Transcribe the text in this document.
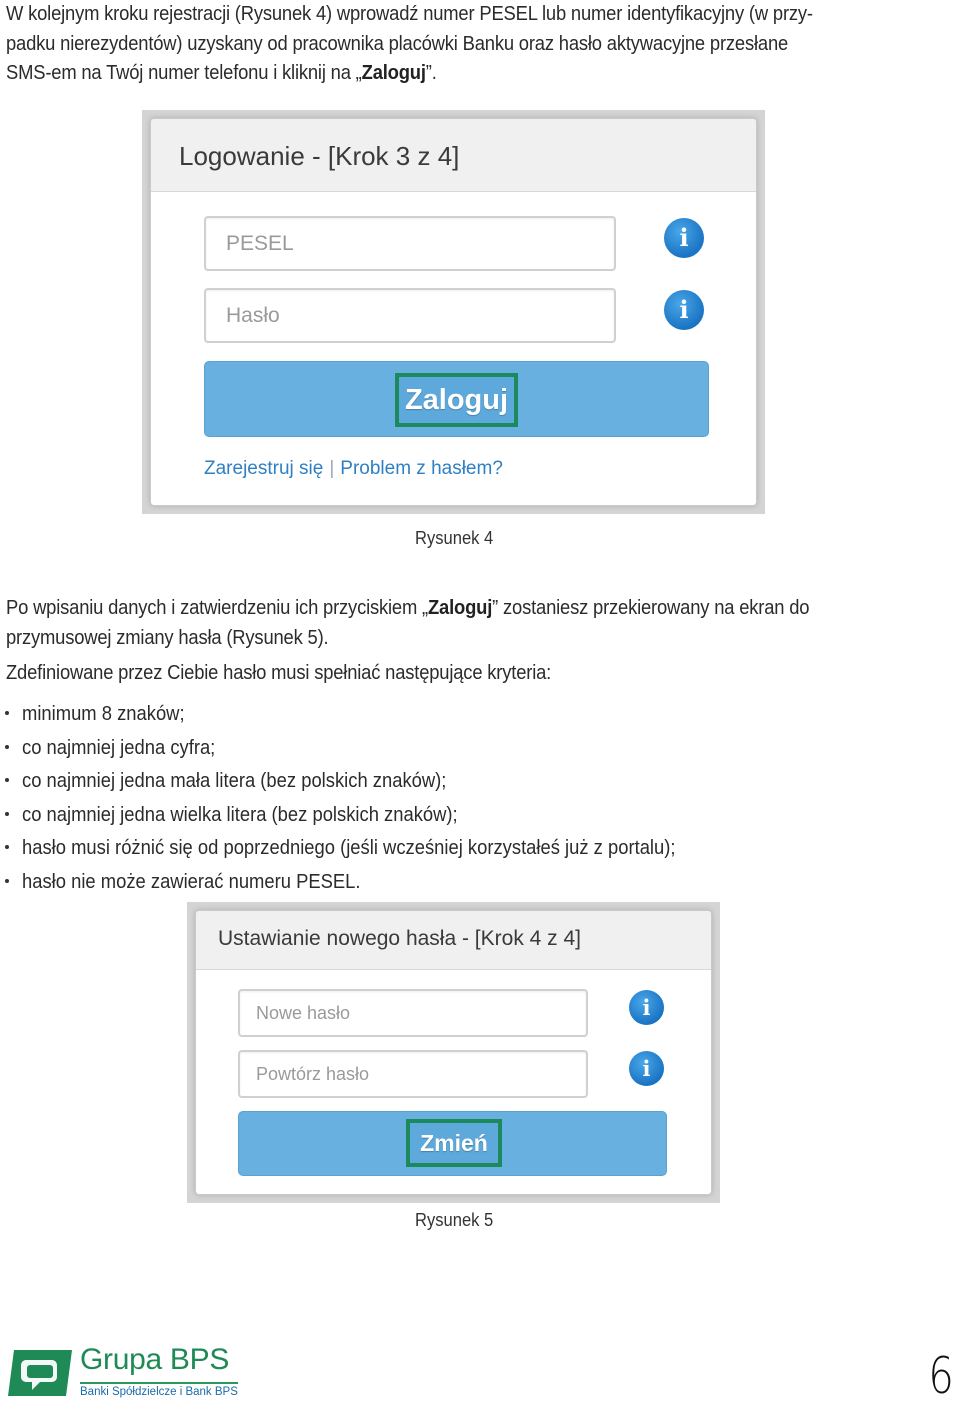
W kolejnym kroku rejestracji (Rysunek 4) wprowadź numer PESEL lub numer identyfikacyjny (w przy-
padku nierezydentów) uzyskany od pracownika placówki Banku oraz hasło aktywacyjne przesłane
SMS-em na Twój numer telefonu i kliknij na „Zaloguj”.

Logowanie - [Krok 3 z 4]
PESEL	i
Hasło	i
Zaloguj
Zarejestruj się | Problem z hasłem?
Rysunek 4

Po wpisaniu danych i zatwierdzeniu ich przyciskiem „Zaloguj” zostaniesz przekierowany na ekran do
przymusowej zmiany hasła (Rysunek 5).

Zdefiniowane przez Ciebie hasło musi spełniać następujące kryteria:

minimum 8 znaków;
co najmniej jedna cyfra;
co najmniej jedna mała litera (bez polskich znaków);
co najmniej jedna wielka litera (bez polskich znaków);
hasło musi różnić się od poprzedniego (jeśli wcześniej korzystałeś już z portalu);
hasło nie może zawierać numeru PESEL.
Ustawianie nowego hasła - [Krok 4 z 4]
Nowe hasło	i
Powtórz hasło	i
Zmień
Rysunek 5
Grupa BPS
Banki Spółdzielcze i Bank BPS	6
